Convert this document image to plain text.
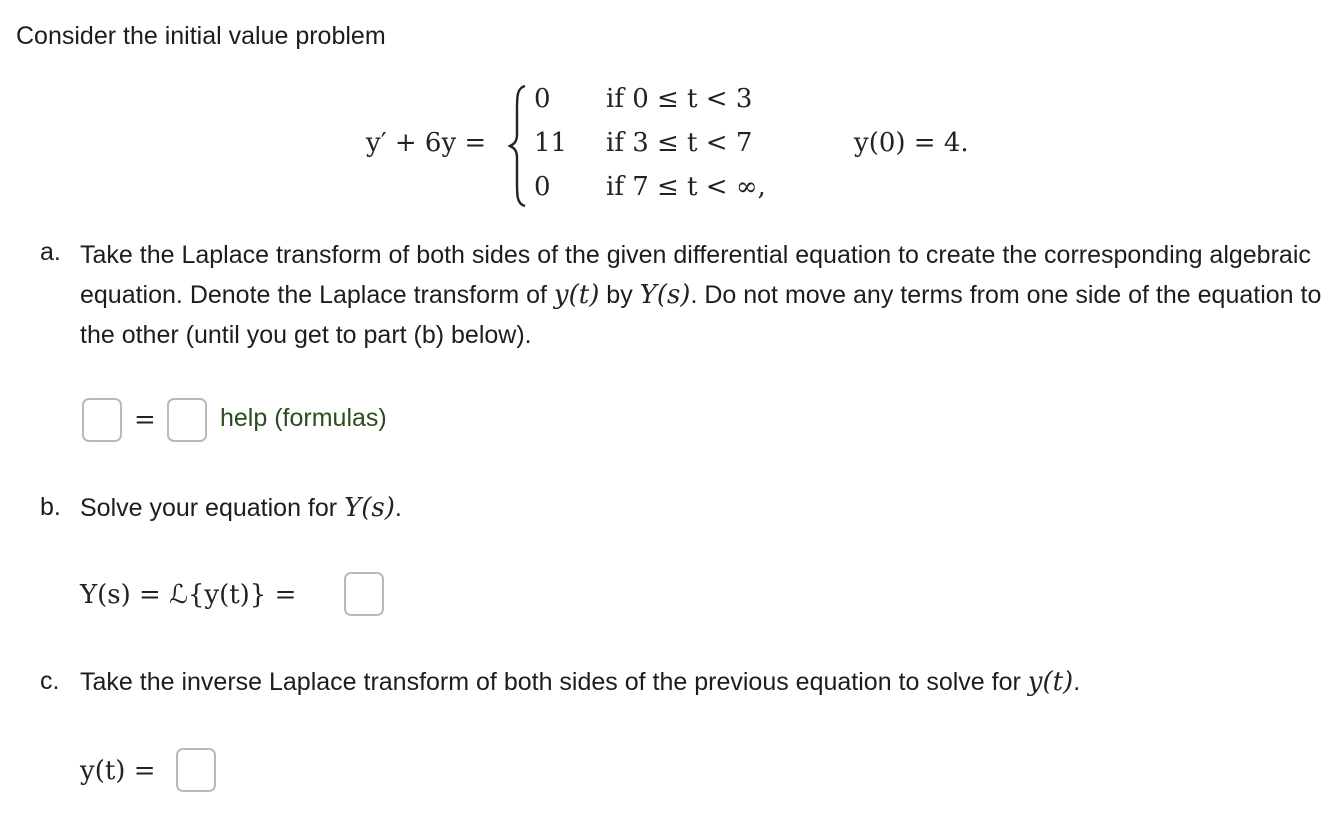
Consider the initial value problem
y′ + 6y =
0 if 0 ≤ t < 3
11 if 3 ≤ t < 7
0 if 7 ≤ t < ∞,
y(0) = 4.
a. Take the Laplace transform of both sides of the given differential equation to create the corresponding algebraic equation. Denote the Laplace transform of y(t) by Y(s). Do not move any terms from one side of the equation to the other (until you get to part (b) below).
=	help (formulas)
b. Solve your equation for Y(s).
Y(s) = ℒ{y(t)} =
c. Take the inverse Laplace transform of both sides of the previous equation to solve for y(t).
y(t) =
